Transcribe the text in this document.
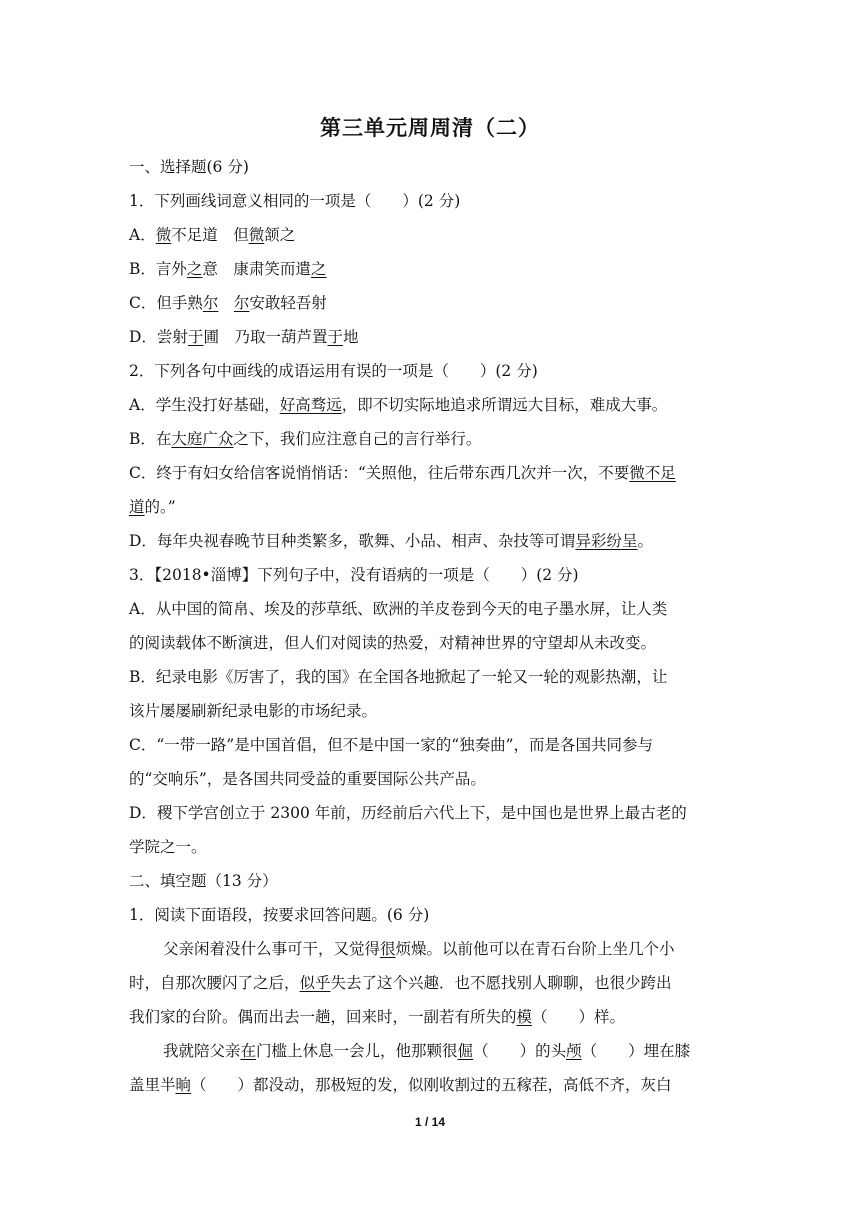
第三单元周周清（二）
一、选择题(6 分)
1．下列画线词意义相同的一项是（　　）(2 分)
A．微不足道　但微颔之
B．言外之意　康肃笑而遣之
C．但手熟尔　 尔安敢轻吾射
D．尝射于圃　乃取一葫芦置于地
2．下列各句中画线的成语运用有误的一项是（　　）(2 分)
A．学生没打好基础，好高骛远，即不切实际地追求所谓远大目标，难成大事。
B．在大庭广众之下，我们应注意自己的言行举行。
C．终于有妇女给信客说悄悄话：“关照他，往后带东西几次并一次，不要微不足
道的。”
D．每年央视春晚节目种类繁多，歌舞、小品、相声、杂技等可谓异彩纷呈。
3．【2018•淄博】下列句子中，没有语病的一项是（　　）(2 分)
A．从中国的简帛、埃及的莎草纸、欧洲的羊皮卷到今天的电子墨水屏，让人类
的阅读载体不断演进，但人们对阅读的热爱，对精神世界的守望却从未改变。
B．纪录电影《厉害了，我的国》在全国各地掀起了一轮又一轮的观影热潮，让
该片屡屡刷新纪录电影的市场纪录。
C．“一带一路”是中国首倡，但不是中国一家的“独奏曲”，而是各国共同参与
的“交响乐”，是各国共同受益的重要国际公共产品。
D．稷下学宫创立于 2300 年前，历经前后六代上下，是中国也是世界上最古老的
学院之一。
二、填空题（13 分）
1．阅读下面语段，按要求回答问题。(6 分)
父亲闲着没什么事可干，又觉得很烦燥。以前他可以在青石台阶上坐几个小
时，自那次腰闪了之后，似乎失去了这个兴趣．也不愿找别人聊聊，也很少跨出
我们家的台阶。偶而出去一趟，回来时，一副若有所失的模（　　）样。
我就陪父亲在门槛上休息一会儿，他那颗很倔（　　）的头颅（　　）埋在膝
盖里半晌（　　）都没动，那极短的发，似刚收割过的五稼茬，高低不齐，灰白
1 / 14
